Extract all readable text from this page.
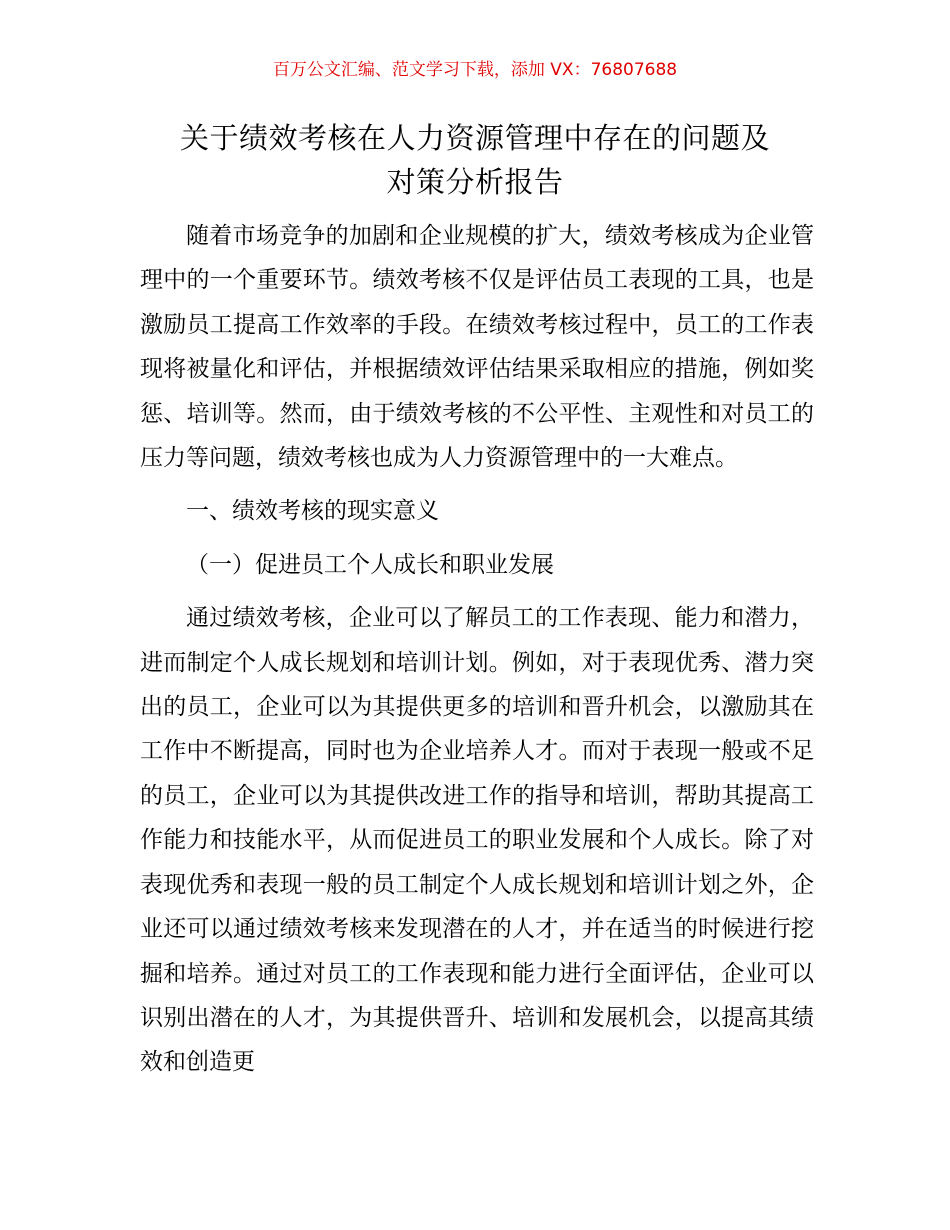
百万公文汇编、范文学习下载，添加 VX：76807688
关于绩效考核在人力资源管理中存在的问题及
对策分析报告

随着市场竞争的加剧和企业规模的扩大，绩效考核成为企业管理中的一个重要环节。绩效考核不仅是评估员工表现的工具，也是激励员工提高工作效率的手段。在绩效考核过程中，员工的工作表现将被量化和评估，并根据绩效评估结果采取相应的措施，例如奖惩、培训等。然而，由于绩效考核的不公平性、主观性和对员工的压力等问题，绩效考核也成为人力资源管理中的一大难点。

一、绩效考核的现实意义

（一）促进员工个人成长和职业发展

通过绩效考核，企业可以了解员工的工作表现、能力和潜力，进而制定个人成长规划和培训计划。例如，对于表现优秀、潜力突出的员工，企业可以为其提供更多的培训和晋升机会，以激励其在工作中不断提高，同时也为企业培养人才。而对于表现一般或不足的员工，企业可以为其提供改进工作的指导和培训，帮助其提高工作能力和技能水平，从而促进员工的职业发展和个人成长。除了对表现优秀和表现一般的员工制定个人成长规划和培训计划之外，企业还可以通过绩效考核来发现潜在的人才，并在适当的时候进行挖掘和培养。通过对员工的工作表现和能力进行全面评估，企业可以识别出潜在的人才，为其提供晋升、培训和发展机会，以提高其绩效和创造更
